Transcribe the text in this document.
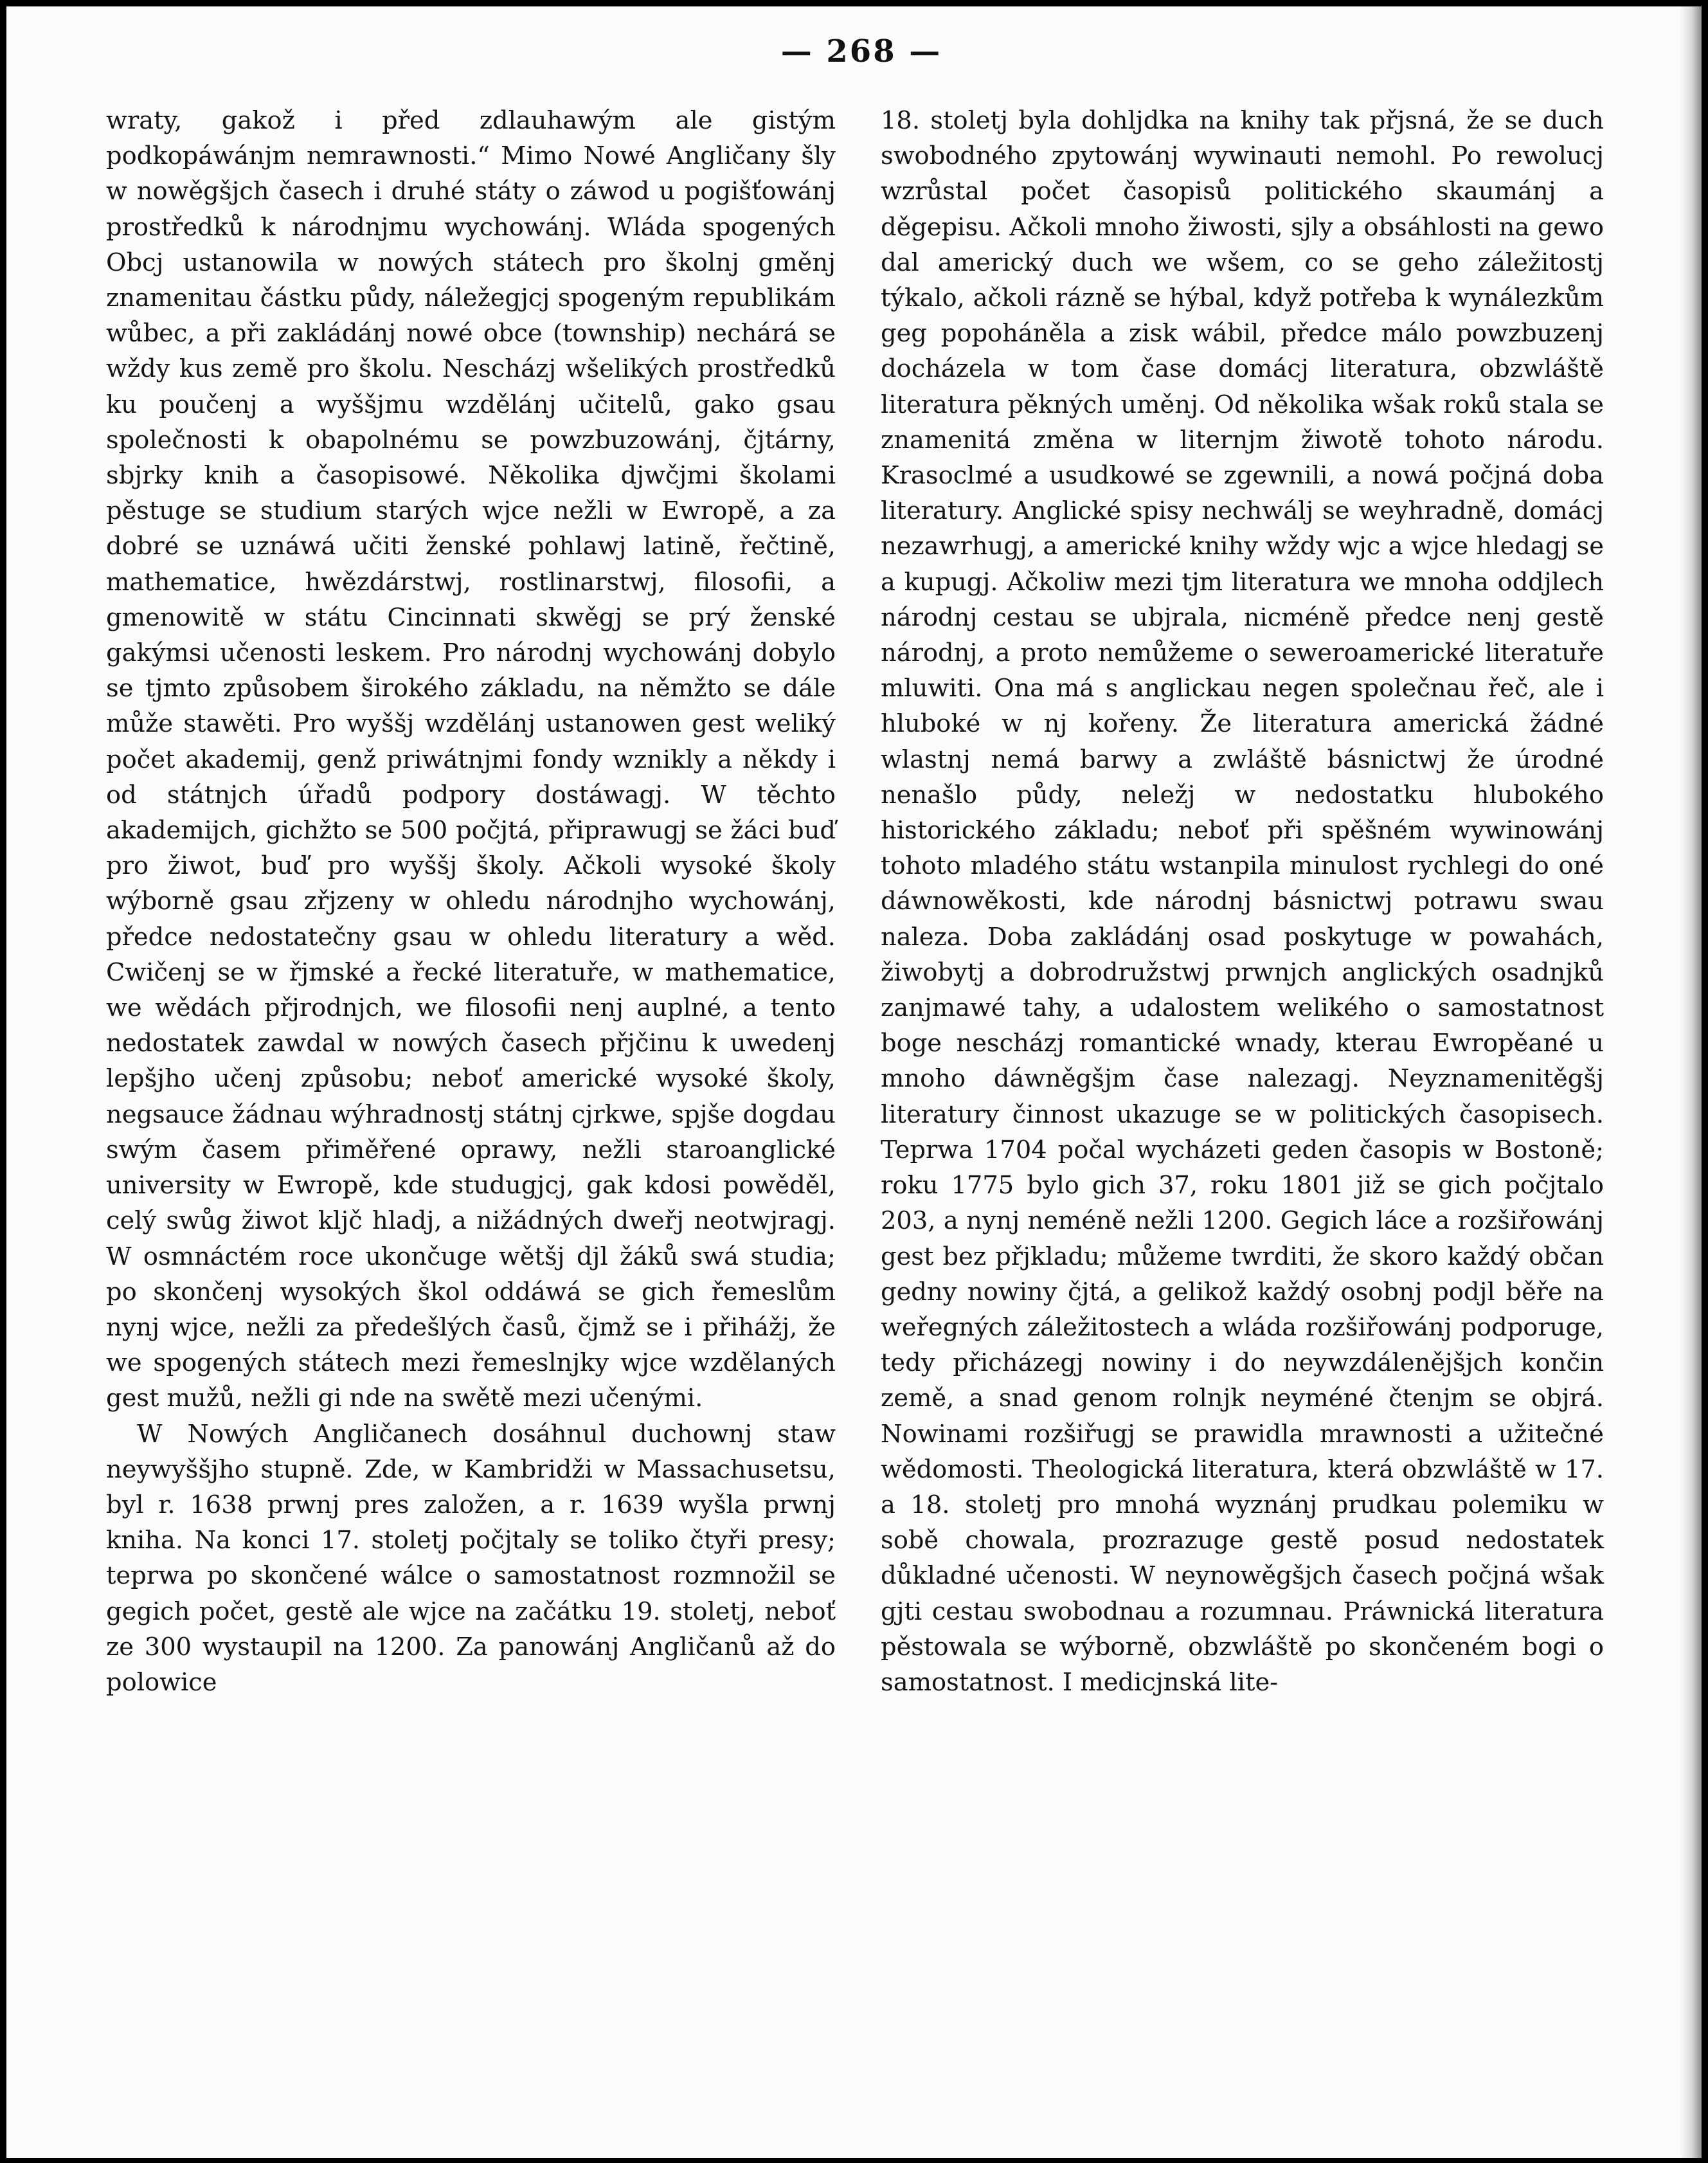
— 268 —

wraty, gakož i před zdlauhawým ale gistým podkopáwánjm nemrawnosti.“ Mimo Nowé Angličany šly w nowěgšjch časech i druhé státy o záwod u pogišťowánj prostředků k národnjmu wychowánj. Wláda spogených Obcj ustanowila w nowých státech pro školnj gměnj znamenitau částku půdy, náležegjcj spogeným republikám wůbec, a při zakládánj nowé obce (township) nechárá se wždy kus země pro školu. Nescházj wšelikých prostředků ku poučenj a wyššjmu wzdělánj učitelů, gako gsau společnosti k obapolnému se powzbuzowánj, čjtárny, sbjrky knih a časopisowé. Několika djwčjmi školami pěstuge se studium starých wjce nežli w Ewropě, a za dobré se uznáwá učiti ženské pohlawj latině, řečtině, mathematice, hwězdárstwj, rostlinarstwj, filosofii, a gmenowitě w státu Cincinnati skwěgj se prý ženské gakýmsi učenosti leskem. Pro národnj wychowánj dobylo se tjmto způsobem širokého základu, na němžto se dále může stawěti. Pro wyššj wzdělánj ustanowen gest weliký počet akademij, genž priwátnjmi fondy wznikly a někdy i od státnjch úřadů podpory dostáwagj. W těchto akademijch, gichžto se 500 počjtá, připrawugj se žáci buď pro žiwot, buď pro wyššj školy. Ačkoli wysoké školy wýborně gsau zřjzeny w ohledu národnjho wychowánj, předce nedostatečny gsau w ohledu literatury a wěd. Cwičenj se w řjmské a řecké literatuře, w mathematice, we wědách přjrodnjch, we filosofii nenj auplné, a tento nedostatek zawdal w nowých časech přjčinu k uwedenj lepšjho učenj způsobu; neboť americké wysoké školy, negsauce žádnau wýhradnostj státnj cjrkwe, spjše dogdau swým časem přiměřené oprawy, nežli staroanglické university w Ewropě, kde studugjcj, gak kdosi powěděl, celý swůg žiwot kljč hladj, a nižádných dweřj neotwjragj. W osmnáctém roce ukončuge wětšj djl žáků swá studia; po skončenj wysokých škol oddáwá se gich řemeslům nynj wjce, nežli za předešlých časů, čjmž se i přihážj, že we spogených státech mezi řemeslnjky wjce wzdělaných gest mužů, nežli gi nde na swětě mezi učenými.

W Nowých Angličanech dosáhnul duchownj staw neywyššjho stupně. Zde, w Kambridži w Massachusetsu, byl r. 1638 prwnj pres založen, a r. 1639 wyšla prwnj kniha. Na konci 17. stoletj počjtaly se toliko čtyři presy; teprwa po skončené wálce o samostatnost rozmnožil se gegich počet, gestě ale wjce na začátku 19. stoletj, neboť ze 300 wystaupil na 1200. Za panowánj Angličanů až do polowice

18. stoletj byla dohljdka na knihy tak přjsná, že se duch swobodného zpytowánj wywinauti nemohl. Po rewolucj wzrůstal počet časopisů politického skaumánj a děgepisu. Ačkoli mnoho žiwosti, sjly a obsáhlosti na gewo dal americký duch we wšem, co se geho záležitostj týkalo, ačkoli rázně se hýbal, když potřeba k wynálezkům geg popoháněla a zisk wábil, předce málo powzbuzenj docházela w tom čase domácj literatura, obzwláště literatura pěkných uměnj. Od několika wšak roků stala se znamenitá změna w liternjm žiwotě tohoto národu. Krasoclmé a usudkowé se zgewnili, a nowá počjná doba literatury. Anglické spisy nechwálj se weyhradně, domácj nezawrhugj, a americké knihy wždy wjc a wjce hledagj se a kupugj. Ačkoliw mezi tjm literatura we mnoha oddjlech národnj cestau se ubjrala, nicméně předce nenj gestě národnj, a proto nemůžeme o seweroamerické literatuře mluwiti. Ona má s anglickau negen společnau řeč, ale i hluboké w nj kořeny. Že literatura americká žádné wlastnj nemá barwy a zwláště básnictwj že úrodné nenašlo půdy, neležj w nedostatku hlubokého historického základu; neboť při spěšném wywinowánj tohoto mladého státu wstanpila minulost rychlegi do oné dáwnowěkosti, kde národnj básnictwj potrawu swau naleza. Doba zakládánj osad poskytuge w powahách, žiwobytj a dobrodružstwj prwnjch anglických osadnjků zanjmawé tahy, a udalostem welikého o samostatnost boge nescházj romantické wnady, kterau Ewropěané u mnoho dáwněgšjm čase nalezagj. Neyznamenitěgšj literatury činnost ukazuge se w politických časopisech. Teprwa 1704 počal wycházeti geden časopis w Bostoně; roku 1775 bylo gich 37, roku 1801 již se gich počjtalo 203, a nynj neméně nežli 1200. Gegich láce a rozšiřowánj gest bez přjkladu; můžeme twrditi, že skoro každý občan gedny nowiny čjtá, a gelikož každý osobnj podjl běře na weřegných záležitostech a wláda rozšiřowánj podporuge, tedy přicházegj nowiny i do neywzdálenějšjch končin země, a snad genom rolnjk neyméné čtenjm se objrá. Nowinami rozšiřugj se prawidla mrawnosti a užitečné wědomosti. Theologická literatura, která obzwláště w 17. a 18. stoletj pro mnohá wyznánj prudkau polemiku w sobě chowala, prozrazuge gestě posud nedostatek důkladné učenosti. W neynowěgšjch časech počjná wšak gjti cestau swobodnau a rozumnau. Práwnická literatura pěstowala se wýborně, obzwláště po skončeném bogi o samostatnost. I medicjnská lite-
